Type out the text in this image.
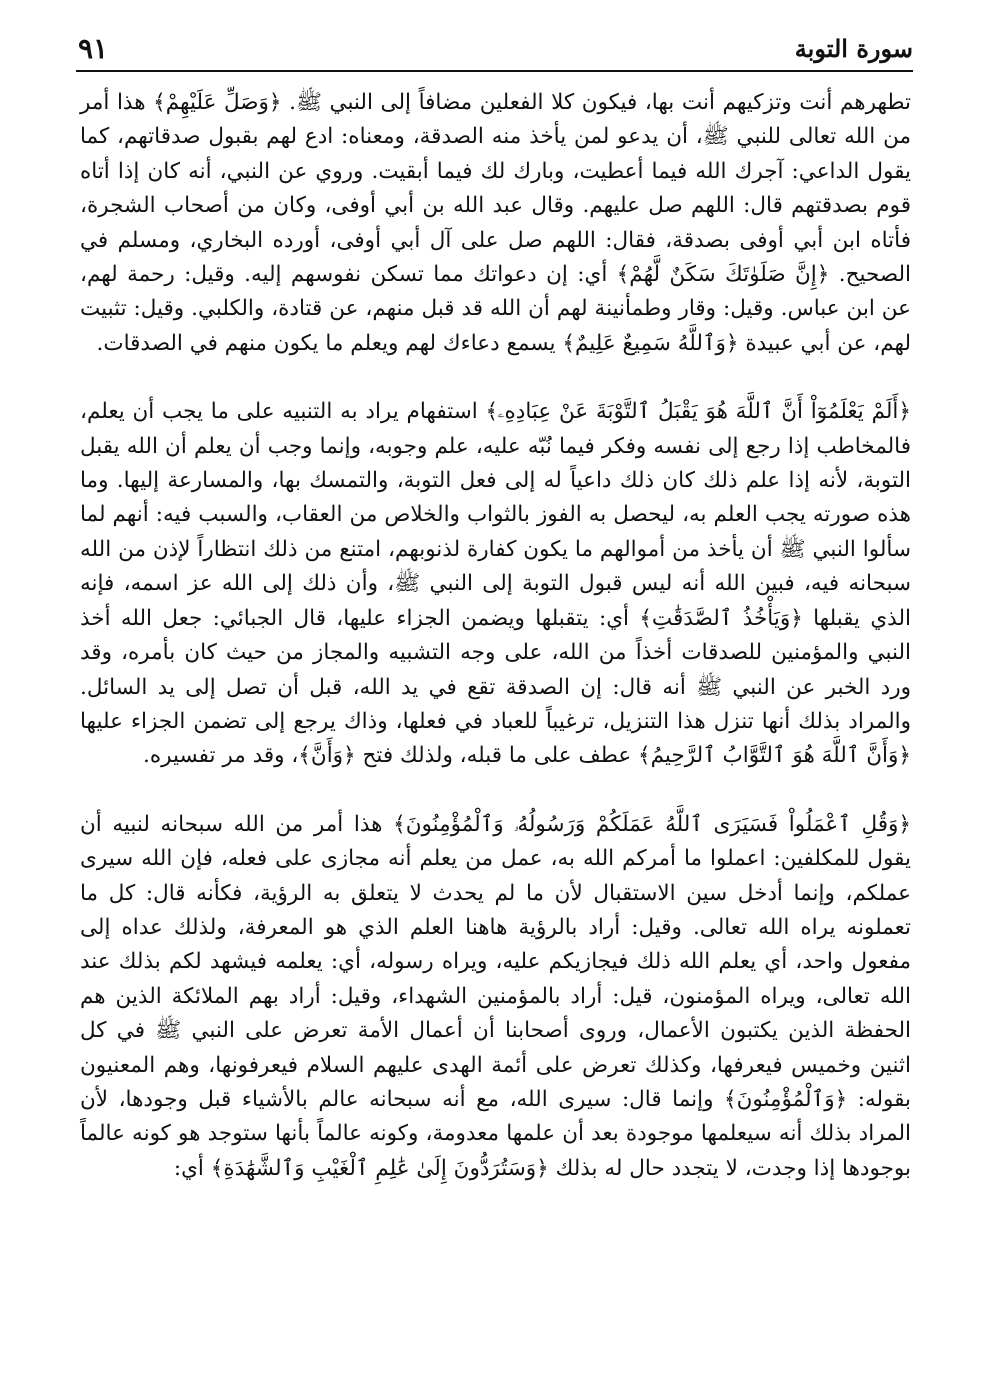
سورة التوبة
٩١

تطهرهم أنت وتزكيهم أنت بها، فيكون كلا الفعلين مضافاً إلى النبي ﷺ. ﴿وَصَلِّ عَلَيْهِمْ﴾ هذا أمر من الله تعالى للنبي ﷺ، أن يدعو لمن يأخذ منه الصدقة، ومعناه: ادع لهم بقبول صدقاتهم، كما يقول الداعي: آجرك الله فيما أعطيت، وبارك لك فيما أبقيت. وروي عن النبي، أنه كان إذا أتاه قوم بصدقتهم قال: اللهم صل عليهم. وقال عبد الله بن أبي أوفى، وكان من أصحاب الشجرة، فأتاه ابن أبي أوفى بصدقة، فقال: اللهم صل على آل أبي أوفى، أورده البخاري، ومسلم في الصحيح. ﴿إِنَّ صَلَوٰتَكَ سَكَنٌ لَّهُمْ﴾ أي: إن دعواتك مما تسكن نفوسهم إليه. وقيل: رحمة لهم، عن ابن عباس. وقيل: وقار وطمأنينة لهم أن الله قد قبل منهم، عن قتادة، والكلبي. وقيل: تثبيت لهم، عن أبي عبيدة ﴿وَٱللَّهُ سَمِيعٌ عَلِيمٌ﴾ يسمع دعاءك لهم ويعلم ما يكون منهم في الصدقات.

﴿أَلَمْ يَعْلَمُوٓاْ أَنَّ ٱللَّهَ هُوَ يَقْبَلُ ٱلتَّوْبَةَ عَنْ عِبَادِهِۦ﴾ استفهام يراد به التنبيه على ما يجب أن يعلم، فالمخاطب إذا رجع إلى نفسه وفكر فيما نُبّه عليه، علم وجوبه، وإنما وجب أن يعلم أن الله يقبل التوبة، لأنه إذا علم ذلك كان ذلك داعياً له إلى فعل التوبة، والتمسك بها، والمسارعة إليها. وما هذه صورته يجب العلم به، ليحصل به الفوز بالثواب والخلاص من العقاب، والسبب فيه: أنهم لما سألوا النبي ﷺ أن يأخذ من أموالهم ما يكون كفارة لذنوبهم، امتنع من ذلك انتظاراً لإذن من الله سبحانه فيه، فبين الله أنه ليس قبول التوبة إلى النبي ﷺ، وأن ذلك إلى الله عز اسمه، فإنه الذي يقبلها ﴿وَيَأْخُذُ ٱلصَّدَقَٰتِ﴾ أي: يتقبلها ويضمن الجزاء عليها، قال الجبائي: جعل الله أخذ النبي والمؤمنين للصدقات أخذاً من الله، على وجه التشبيه والمجاز من حيث كان بأمره، وقد ورد الخبر عن النبي ﷺ أنه قال: إن الصدقة تقع في يد الله، قبل أن تصل إلى يد السائل. والمراد بذلك أنها تنزل هذا التنزيل، ترغيباً للعباد في فعلها، وذاك يرجع إلى تضمن الجزاء عليها ﴿وَأَنَّ ٱللَّهَ هُوَ ٱلتَّوَّابُ ٱلرَّحِيمُ﴾ عطف على ما قبله، ولذلك فتح ﴿وَأَنَّ﴾، وقد مر تفسيره.

﴿وَقُلِ ٱعْمَلُواْ فَسَيَرَى ٱللَّهُ عَمَلَكُمْ وَرَسُولُهُۥ وَٱلْمُؤْمِنُونَ﴾ هذا أمر من الله سبحانه لنبيه أن يقول للمكلفين: اعملوا ما أمركم الله به، عمل من يعلم أنه مجازى على فعله، فإن الله سيرى عملكم، وإنما أدخل سين الاستقبال لأن ما لم يحدث لا يتعلق به الرؤية، فكأنه قال: كل ما تعملونه يراه الله تعالى. وقيل: أراد بالرؤية هاهنا العلم الذي هو المعرفة، ولذلك عداه إلى مفعول واحد، أي يعلم الله ذلك فيجازيكم عليه، ويراه رسوله، أي: يعلمه فيشهد لكم بذلك عند الله تعالى، ويراه المؤمنون، قيل: أراد بالمؤمنين الشهداء، وقيل: أراد بهم الملائكة الذين هم الحفظة الذين يكتبون الأعمال، وروى أصحابنا أن أعمال الأمة تعرض على النبي ﷺ في كل اثنين وخميس فيعرفها، وكذلك تعرض على أئمة الهدى عليهم السلام فيعرفونها، وهم المعنيون بقوله: ﴿وَٱلْمُؤْمِنُونَ﴾ وإنما قال: سيرى الله، مع أنه سبحانه عالم بالأشياء قبل وجودها، لأن المراد بذلك أنه سيعلمها موجودة بعد أن علمها معدومة، وكونه عالماً بأنها ستوجد هو كونه عالماً بوجودها إذا وجدت، لا يتجدد حال له بذلك ﴿وَسَتُرَدُّونَ إِلَىٰ عَٰلِمِ ٱلْغَيْبِ وَٱلشَّهَٰدَةِ﴾ أي:
